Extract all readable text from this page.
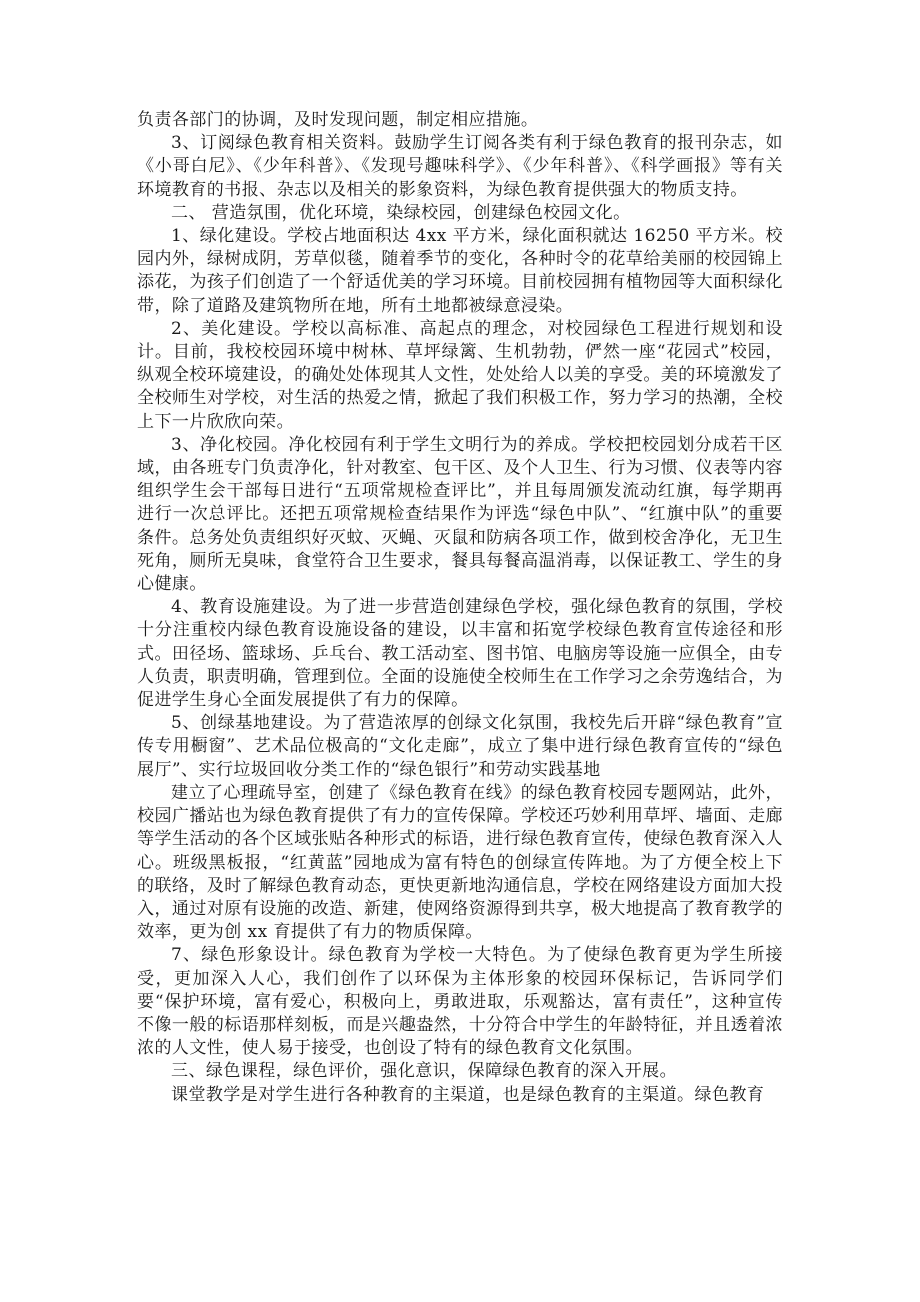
负责各部门的协调，及时发现问题，制定相应措施。

3、订阅绿色教育相关资料。鼓励学生订阅各类有利于绿色教育的报刊杂志，如《小哥白尼》、《少年科普》、《发现号趣味科学》、《少年科普》、《科学画报》等有关环境教育的书报、杂志以及相关的影象资料，为绿色教育提供强大的物质支持。

二、 营造氛围，优化环境，染绿校园，创建绿色校园文化。

1、绿化建设。学校占地面积达 4xx 平方米，绿化面积就达 16250 平方米。校园内外，绿树成阴，芳草似毯，随着季节的变化，各种时令的花草给美丽的校园锦上添花，为孩子们创造了一个舒适优美的学习环境。目前校园拥有植物园等大面积绿化带，除了道路及建筑物所在地，所有土地都被绿意浸染。

2、美化建设。学校以高标准、高起点的理念，对校园绿色工程进行规划和设计。目前，我校校园环境中树林、草坪绿篱、生机勃勃，俨然一座“花园式”校园，纵观全校环境建设，的确处处体现其人文性，处处给人以美的享受。美的环境激发了全校师生对学校，对生活的热爱之情，掀起了我们积极工作，努力学习的热潮，全校上下一片欣欣向荣。

3、净化校园。净化校园有利于学生文明行为的养成。学校把校园划分成若干区域，由各班专门负责净化，针对教室、包干区、及个人卫生、行为习惯、仪表等内容组织学生会干部每日进行“五项常规检查评比”，并且每周颁发流动红旗，每学期再进行一次总评比。还把五项常规检查结果作为评选“绿色中队”、“红旗中队”的重要条件。总务处负责组织好灭蚊、灭蝇、灭鼠和防病各项工作，做到校舍净化，无卫生死角，厕所无臭味，食堂符合卫生要求，餐具每餐高温消毒，以保证教工、学生的身心健康。

4、教育设施建设。为了进一步营造创建绿色学校，强化绿色教育的氛围，学校十分注重校内绿色教育设施设备的建设，以丰富和拓宽学校绿色教育宣传途径和形式。田径场、篮球场、乒乓台、教工活动室、图书馆、电脑房等设施一应俱全，由专人负责，职责明确，管理到位。全面的设施使全校师生在工作学习之余劳逸结合，为促进学生身心全面发展提供了有力的保障。

5、创绿基地建设。为了营造浓厚的创绿文化氛围，我校先后开辟“绿色教育”宣传专用橱窗”、艺术品位极高的“文化走廊”，成立了集中进行绿色教育宣传的“绿色展厅”、实行垃圾回收分类工作的“绿色银行”和劳动实践基地

建立了心理疏导室，创建了《绿色教育在线》的绿色教育校园专题网站，此外，校园广播站也为绿色教育提供了有力的宣传保障。学校还巧妙利用草坪、墙面、走廊等学生活动的各个区域张贴各种形式的标语，进行绿色教育宣传，使绿色教育深入人心。班级黑板报，“红黄蓝”园地成为富有特色的创绿宣传阵地。为了方便全校上下的联络，及时了解绿色教育动态，更快更新地沟通信息，学校在网络建设方面加大投入，通过对原有设施的改造、新建，使网络资源得到共享，极大地提高了教育教学的效率，更为创 xx 育提供了有力的物质保障。

7、绿色形象设计。绿色教育为学校一大特色。为了使绿色教育更为学生所接受，更加深入人心，我们创作了以环保为主体形象的校园环保标记，告诉同学们要“保护环境，富有爱心，积极向上，勇敢进取，乐观豁达，富有责任”，这种宣传不像一般的标语那样刻板，而是兴趣盎然，十分符合中学生的年龄特征，并且透着浓浓的人文性，使人易于接受，也创设了特有的绿色教育文化氛围。

三、绿色课程，绿色评价，强化意识，保障绿色教育的深入开展。

课堂教学是对学生进行各种教育的主渠道，也是绿色教育的主渠道。绿色教育
